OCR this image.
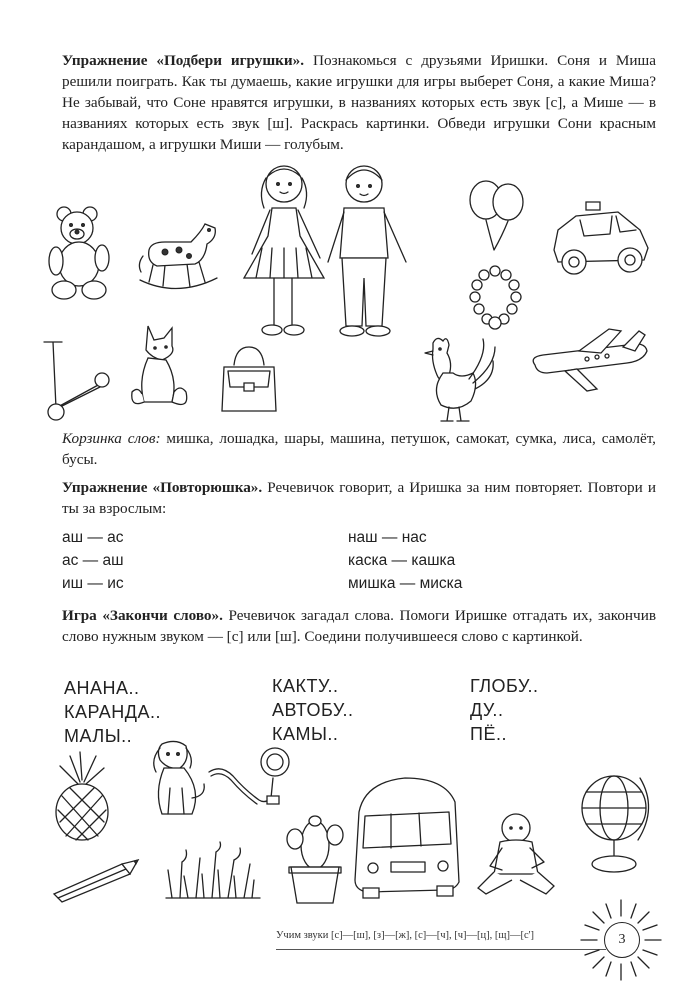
Упражнение «Подбери игрушки». Познакомься с друзьями Иришки. Соня и Миша решили поиграть. Как ты думаешь, какие игрушки для игры выберет Соня, а какие Миша? Не забывай, что Соне нравятся игрушки, в названиях которых есть звук [с], а Мише — в названиях которых есть звук [ш]. Раскрась картинки. Обведи игрушки Сони красным карандашом, а игрушки Миши — голубым.
Корзинка слов: мишка, лошадка, шары, машина, петушок, самокат, сумка, лиса, самолёт, бусы.
Упражнение «Повторюшка». Речевичок говорит, а Иришка за ним повторяет. Повтори и ты за взрослым:
аш — ас
ас — аш
иш — ис
наш — нас
каска — кашка
мишка — миска
Игра «Закончи слово». Речевичок загадал слова. Помоги Иришке отгадать их, закончив слово нужным звуком — [с] или [ш]. Соедини получившееся слово с картинкой.
АНАНА..
КАРАНДА..
МАЛЫ..
КАКТУ..
АВТОБУ..
КАМЫ..
ГЛОБУ..
ДУ..
ПЁ..
Учим звуки [с]—[ш], [з]—[ж], [с]—[ч], [ч]—[ц], [щ]—[с']	3
